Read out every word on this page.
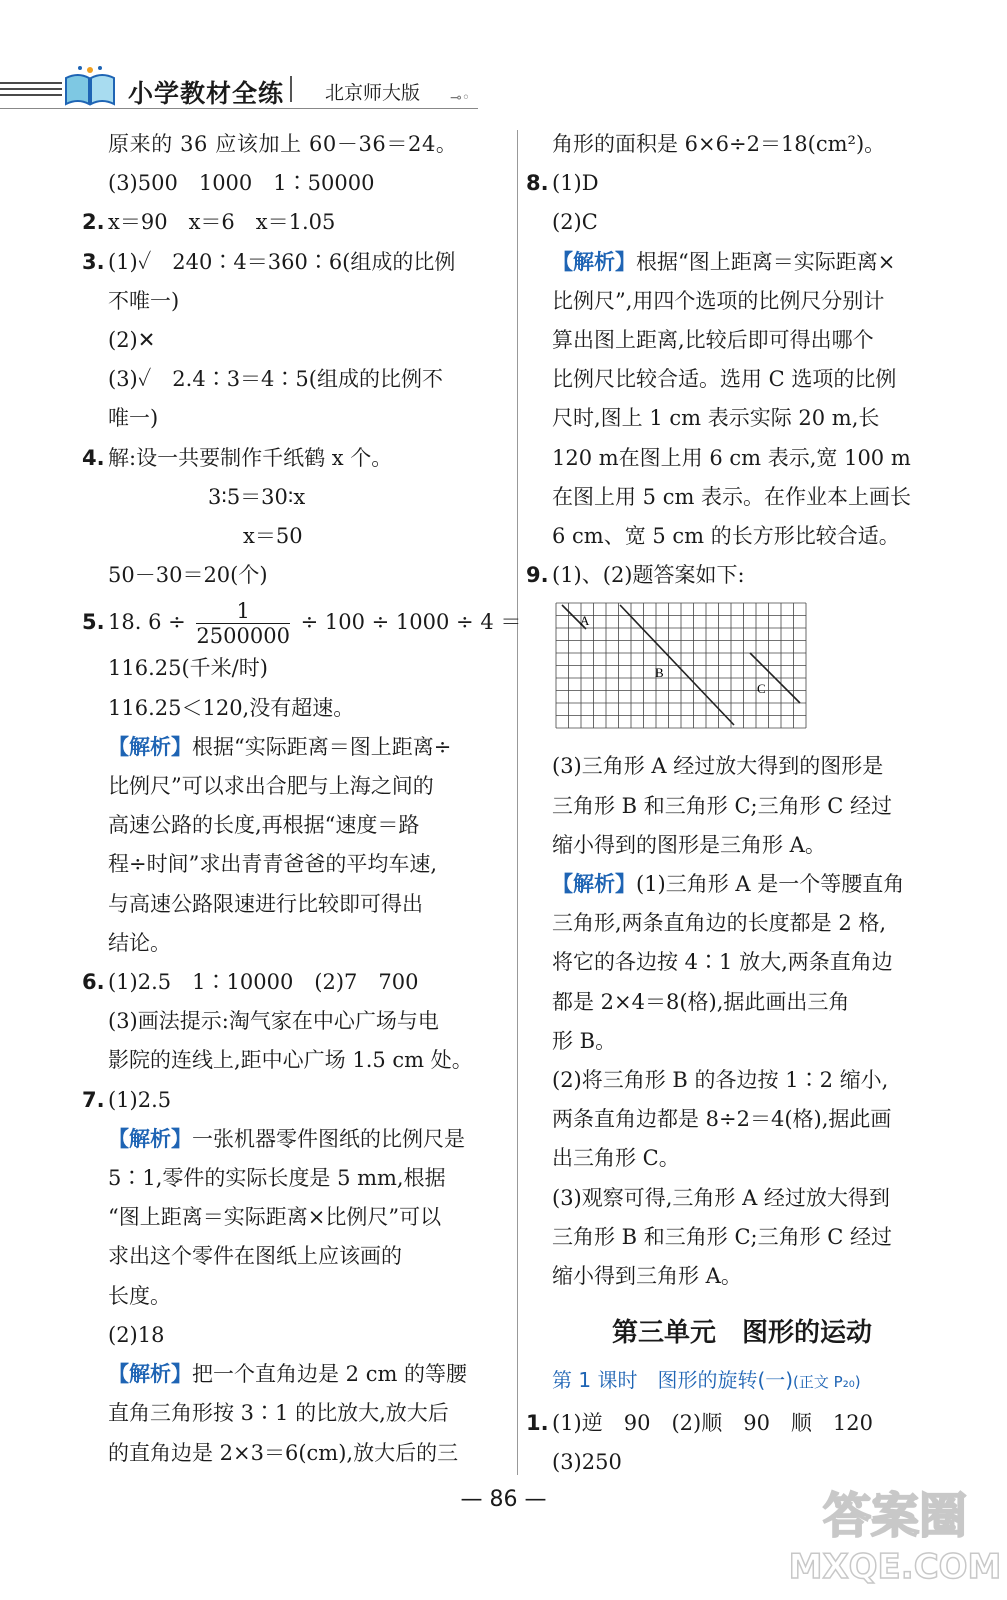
小学教材全练 北京师大版 ⊸◦
原来的 36 应该加上 60－36＝24。
(3)500　1000　1∶50000
2. x＝90　x＝6　x＝1.05
3. (1)✓　240∶4＝360∶6(组成的比例
不唯一)
(2)✕
(3)✓　2.4∶3＝4∶5(组成的比例不
唯一)
4. 解:设一共要制作千纸鹤 x 个。
3∶5＝30∶x
x＝50
50－30＝20(个)
5. 18. $6 \div \frac{1}{2500000} \div 100 \div 1000 \div 4$ ＝
116.25(千米/时)
116.25＜120,没有超速。
【解析】根据“实际距离＝图上距离÷
比例尺”可以求出合肥与上海之间的
高速公路的长度,再根据“速度＝路
程÷时间”求出青青爸爸的平均车速,
与高速公路限速进行比较即可得出
结论。
6. (1)2.5　1∶10000　(2)7　700
(3)画法提示:淘气家在中心广场与电
影院的连线上,距中心广场 1.5 cm 处。
7. (1)2.5
【解析】一张机器零件图纸的比例尺是
5∶1,零件的实际长度是 5 mm,根据
“图上距离＝实际距离×比例尺”可以
求出这个零件在图纸上应该画的
长度。
(2)18
【解析】把一个直角边是 2 cm 的等腰
直角三角形按 3∶1 的比放大,放大后
的直角边是 2×3＝6(cm),放大后的三
角形的面积是 6×6÷2＝18(cm²)。
8. (1)D
(2)C
【解析】根据“图上距离＝实际距离×
比例尺”,用四个选项的比例尺分别计
算出图上距离,比较后即可得出哪个
比例尺比较合适。选用 C 选项的比例
尺时,图上 1 cm 表示实际 20 m,长
120 m在图上用 6 cm 表示,宽 100 m
在图上用 5 cm 表示。在作业本上画长
6 cm、宽 5 cm 的长方形比较合适。
9. (1)、(2)题答案如下:
A
B
C
(3)三角形 A 经过放大得到的图形是
三角形 B 和三角形 C;三角形 C 经过
缩小得到的图形是三角形 A。
【解析】(1)三角形 A 是一个等腰直角
三角形,两条直角边的长度都是 2 格,
将它的各边按 4∶1 放大,两条直角边
都是 2×4＝8(格),据此画出三角
形 B。
(2)将三角形 B 的各边按 1∶2 缩小,
两条直角边都是 8÷2＝4(格),据此画
出三角形 C。
(3)观察可得,三角形 A 经过放大得到
三角形 B 和三角形 C;三角形 C 经过
缩小得到三角形 A。
第三单元　图形的运动
第 1 课时　图形的旋转(一)(正文 P₂₀)
1. (1)逆　90　(2)顺　90　顺　120
(3)250
— 86 —	答案圈
MXQE.COM
